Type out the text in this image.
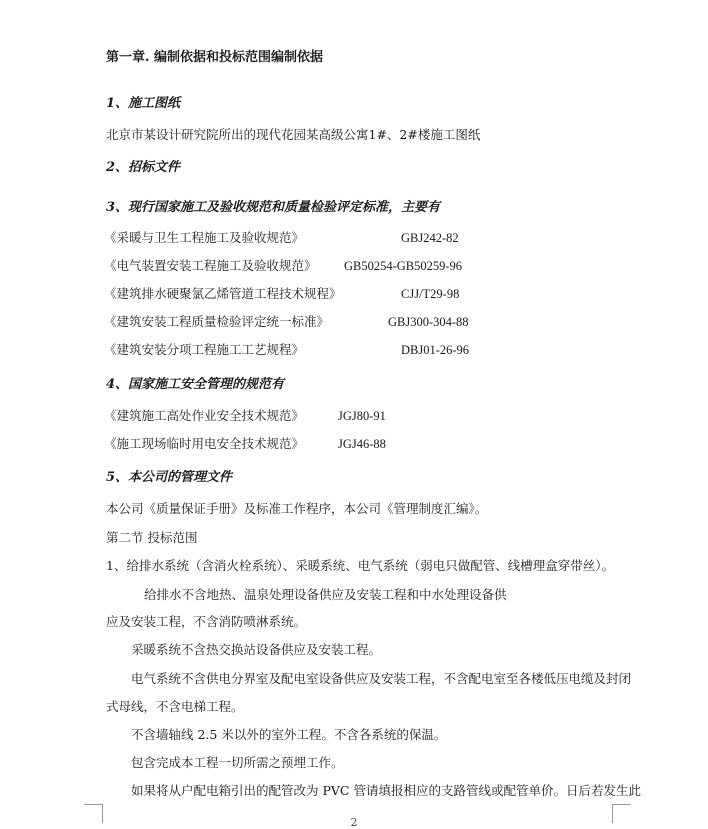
第一章. 编制依据和投标范围编制依据
1、施工图纸
北京市某设计研究院所出的现代花园某高级公寓1#、2#楼施工图纸
2、招标文件
3、现行国家施工及验收规范和质量检验评定标准，主要有
《采暖与卫生工程施工及验收规范》	GBJ242-82
《电气装置安装工程施工及验收规范》 GB50254-GB50259-96
《建筑排水硬聚氯乙烯管道工程技术规程》	CJJ/T29-98
《建筑安装工程质量检验评定统一标准》	GBJ300-304-88
《建筑安装分项工程施工工艺规程》	DBJ01-26-96
4、国家施工安全管理的规范有
《建筑施工高处作业安全技术规范》	JGJ80-91
《施工现场临时用电安全技术规范》	JGJ46-88
5、本公司的管理文件
本公司《质量保证手册》及标准工作程序，本公司《管理制度汇编》。
第二节 投标范围
1、给排水系统（含消火栓系统）、采暖系统、电气系统（弱电只做配管、线槽理盒穿带丝）。
给排水不含地热、温泉处理设备供应及安装工程和中水处理设备供
应及安装工程，不含消防喷淋系统。
采暖系统不含热交换站设备供应及安装工程。
电气系统不含供电分界室及配电室设备供应及安装工程，不含配电室至各楼低压电缆及封闭
式母线，不含电梯工程。
不含墙轴线 2.5 米以外的室外工程。不含各系统的保温。
包含完成本工程一切所需之预埋工作。
如果将从户配电箱引出的配管改为 PVC 管请填报相应的支路管线或配管单价。日后若发生此
2
